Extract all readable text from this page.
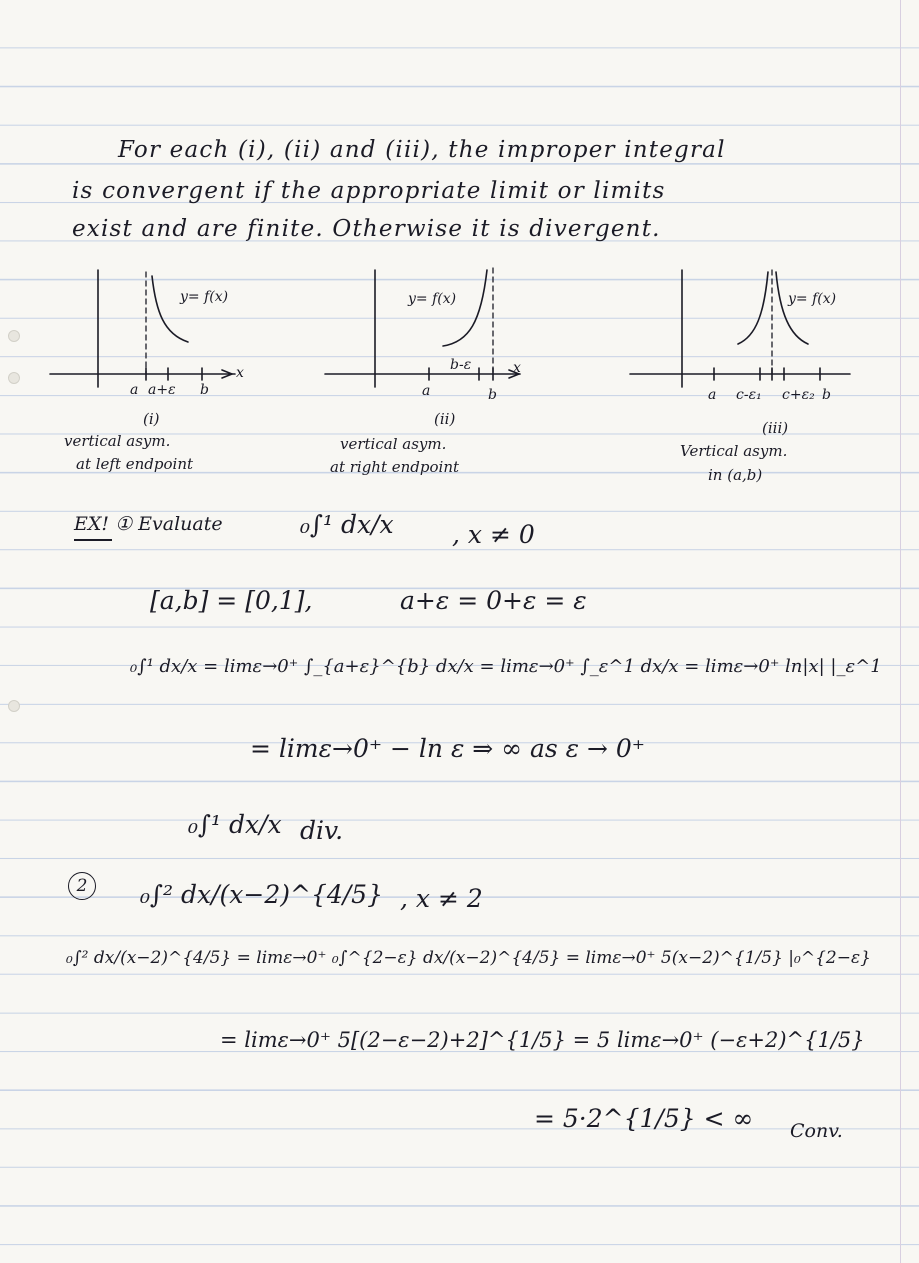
For each (i), (ii) and (iii), the improper integral
is convergent if the appropriate limit or limits
exist and are finite. Otherwise it is divergent.
y= f(x)
a a+ε b
x
(i)
vertical asym.
at left endpoint
y= f(x)
a
b-ε
b
x
(ii)
vertical asym.
at right endpoint
y= f(x)
a c-ε₁ c+ε₂ b
(iii)
Vertical asym.
in (a,b)
EX! ① Evaluate	₀∫¹ dx/x , x ≠ 0
[a,b] = [0,1],	a+ε = 0+ε = ε
₀∫¹ dx/x = limε→0⁺ ∫_{a+ε}^{b} dx/x = limε→0⁺ ∫_ε^1 dx/x = limε→0⁺ ln|x| |_ε^1
= limε→0⁺ − ln ε ⇒ ∞ as ε → 0⁺
₀∫¹ dx/x div.
2	₀∫² dx/(x−2)^{4/5} , x ≠ 2
₀∫² dx/(x−2)^{4/5} = limε→0⁺ ₀∫^{2−ε} dx/(x−2)^{4/5} = limε→0⁺ 5(x−2)^{1/5} |₀^{2−ε}
= limε→0⁺ 5[(2−ε−2)+2]^{1/5} = 5 limε→0⁺ (−ε+2)^{1/5}
= 5·2^{1/5} < ∞ Conv.
